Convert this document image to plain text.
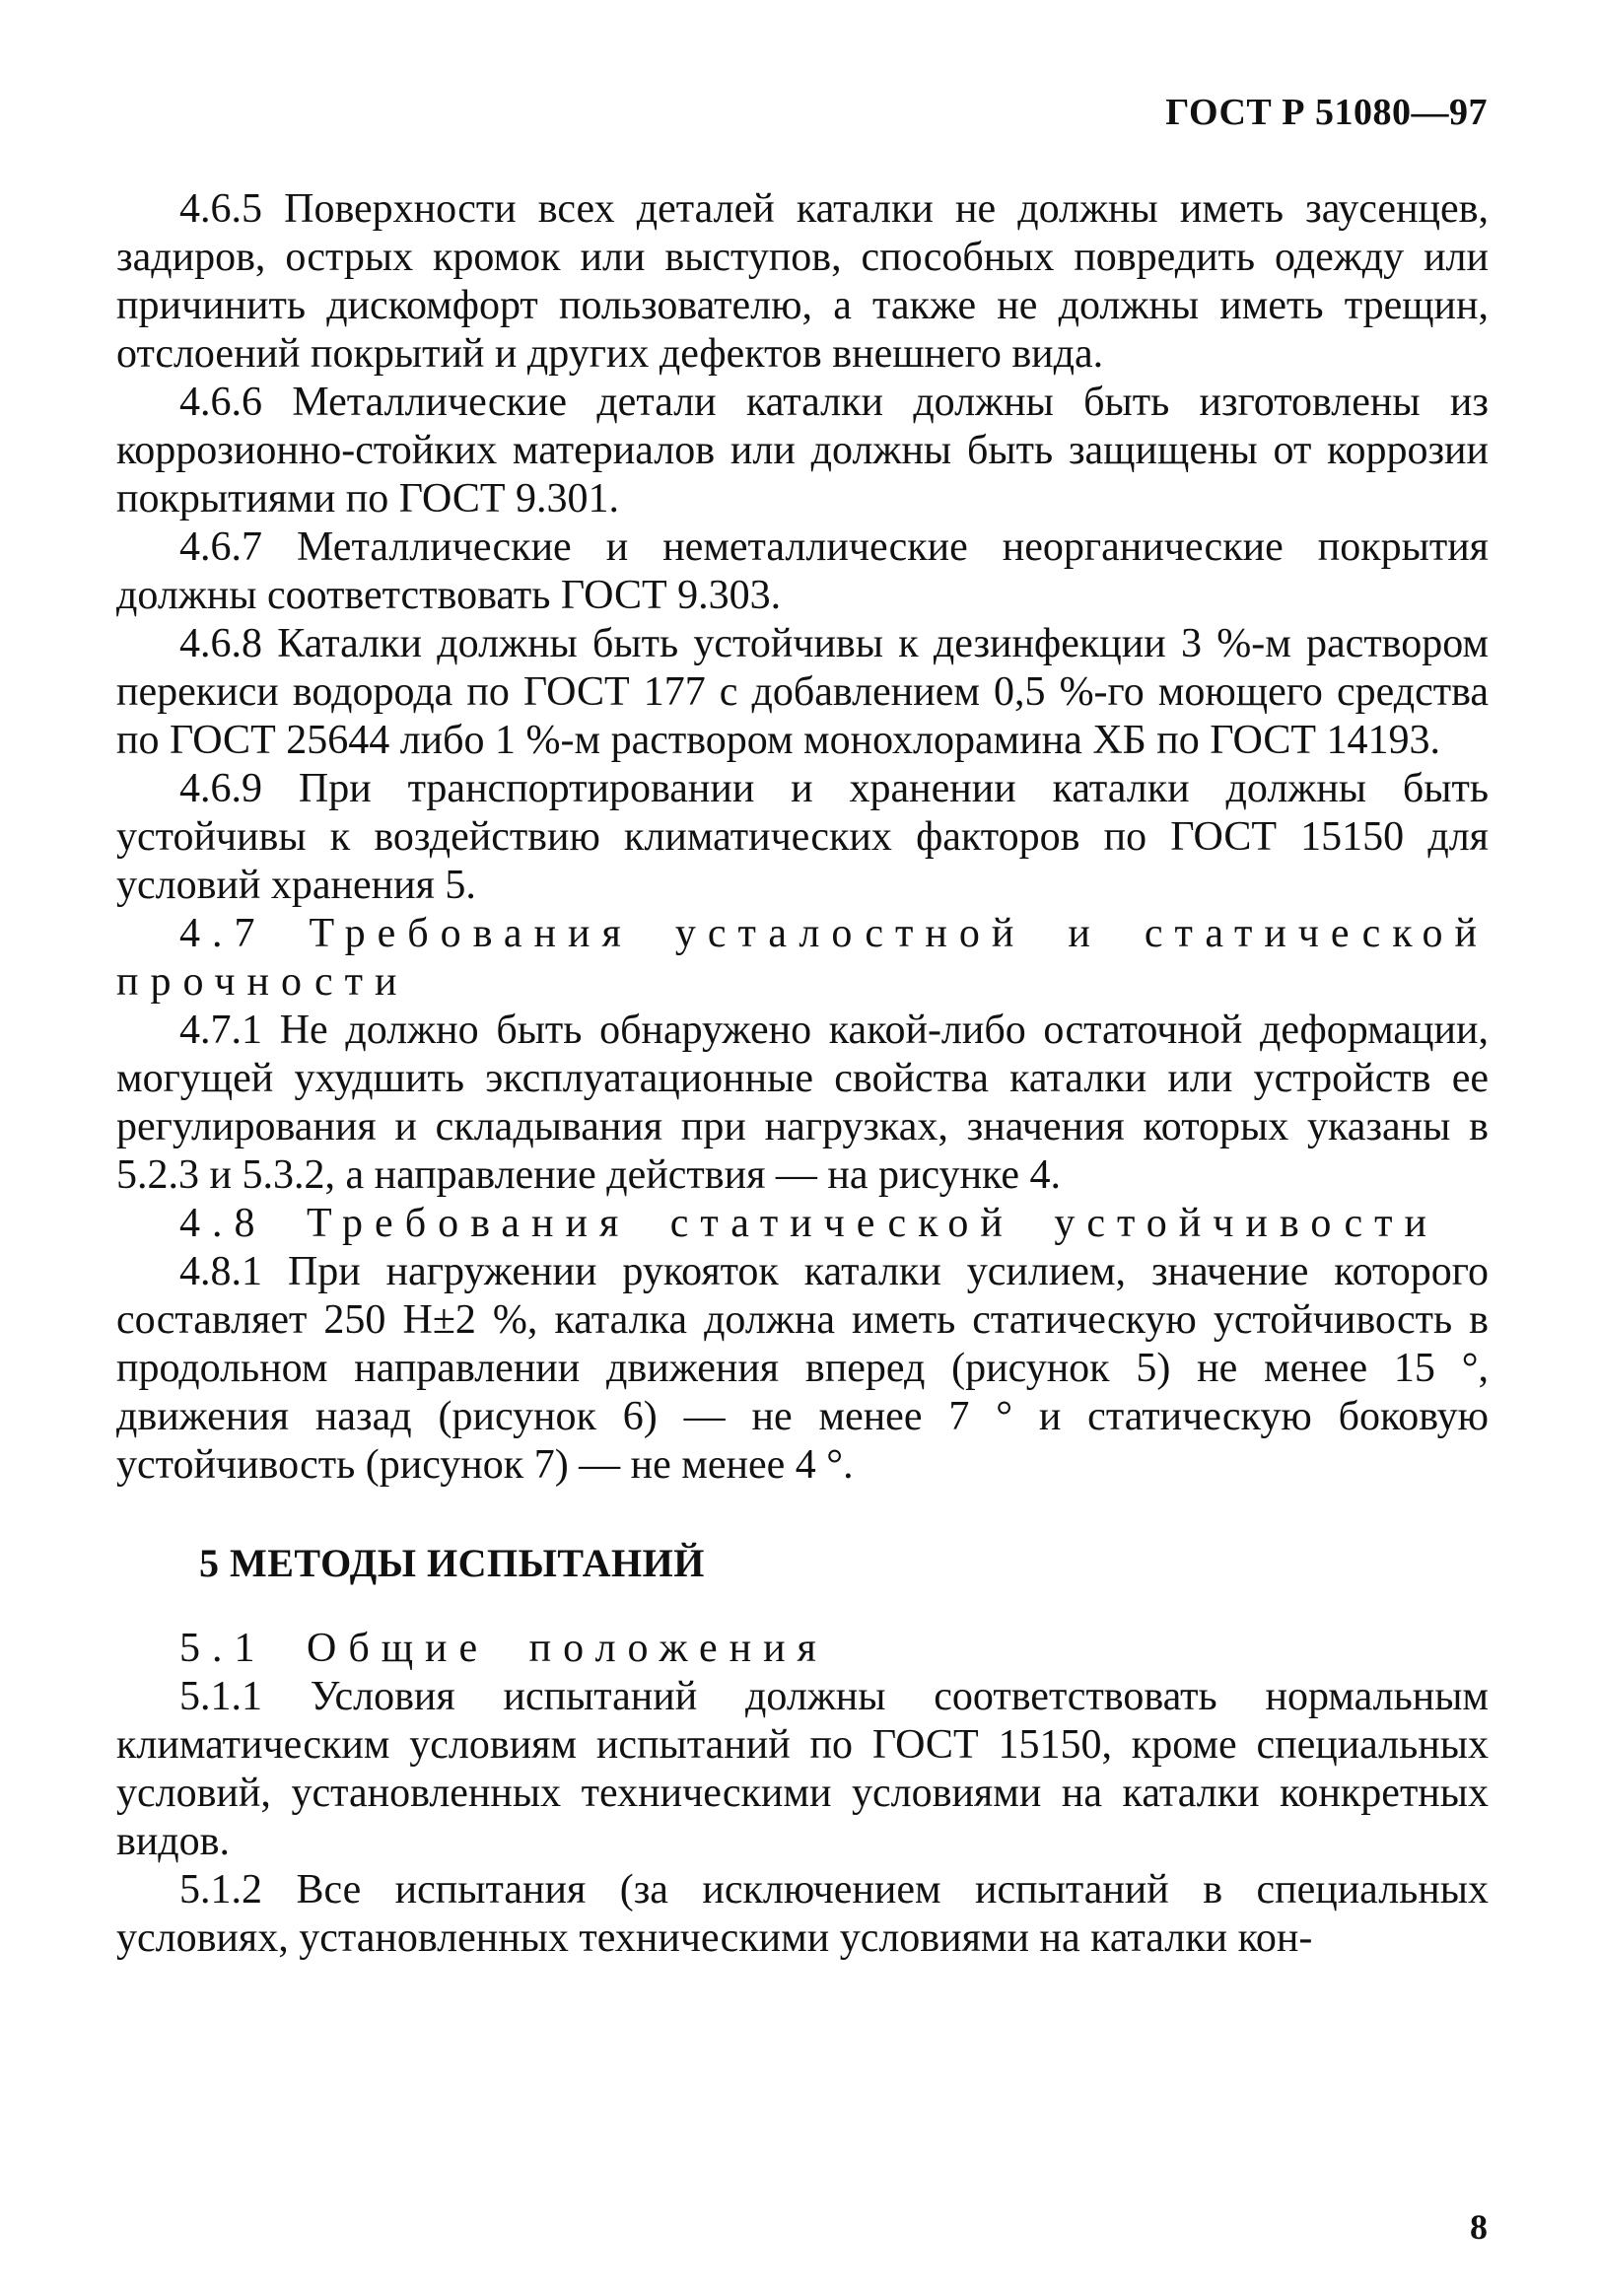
ГОСТ Р 51080—97

4.6.5 Поверхности всех деталей каталки не должны иметь заусенцев, задиров, острых кромок или выступов, способных повредить одежду или причинить дискомфорт пользователю, а также не должны иметь трещин, отслоений покрытий и других дефектов внешнего вида.

4.6.6 Металлические детали каталки должны быть изготовлены из коррозионно-стойких материалов или должны быть защищены от коррозии покрытиями по ГОСТ 9.301.

4.6.7 Металлические и неметаллические неорганические покрытия должны соответствовать ГОСТ 9.303.

4.6.8 Каталки должны быть устойчивы к дезинфекции 3 %-м раствором перекиси водорода по ГОСТ 177 с добавлением 0,5 %-го моющего средства по ГОСТ 25644 либо 1 %-м раствором монохлорамина ХБ по ГОСТ 14193.

4.6.9 При транспортировании и хранении каталки должны быть устойчивы к воздействию климатических факторов по ГОСТ 15150 для условий хранения 5.

4.7 Требования усталостной и статической прочности

4.7.1 Не должно быть обнаружено какой-либо остаточной деформации, могущей ухудшить эксплуатационные свойства каталки или устройств ее регулирования и складывания при нагрузках, значения которых указаны в 5.2.3 и 5.3.2, а направление действия — на рисунке 4.

4.8 Требования статической устойчивости

4.8.1 При нагружении рукояток каталки усилием, значение которого составляет 250 Н±2 %, каталка должна иметь статическую устойчивость в продольном направлении движения вперед (рисунок 5) не менее 15 °, движения назад (рисунок 6) — не менее 7 ° и статическую боковую устойчивость (рисунок 7) — не менее 4 °.

5 МЕТОДЫ ИСПЫТАНИЙ

5.1 Общие положения

5.1.1 Условия испытаний должны соответствовать нормальным климатическим условиям испытаний по ГОСТ 15150, кроме специальных условий, установленных техническими условиями на каталки конкретных видов.

5.1.2 Все испытания (за исключением испытаний в специальных условиях, установленных техническими условиями на каталки кон-

8
